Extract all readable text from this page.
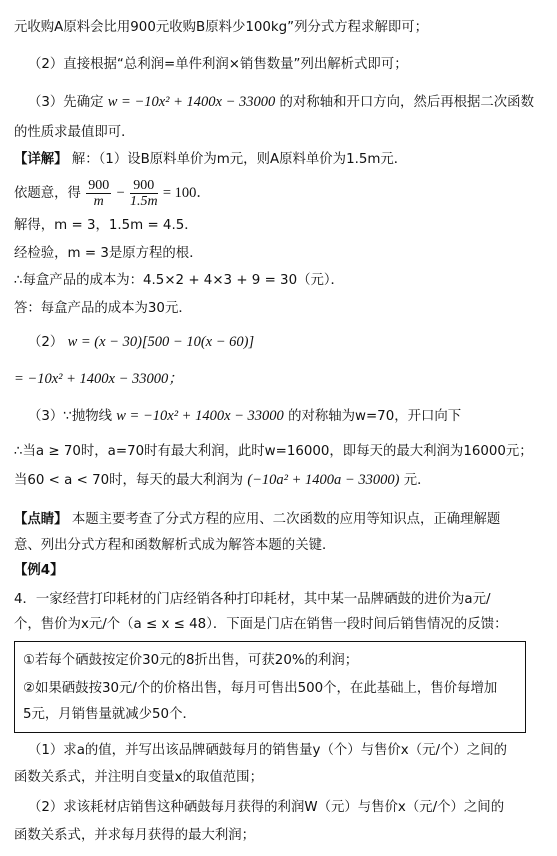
元收购A原料会比用900元收购B原料少100kg”列分式方程求解即可；
（2）直接根据“总利润=单件利润×销售数量”列出解析式即可；
（3）先确定 w = −10x² + 1400x − 33000 的对称轴和开口方向，然后再根据二次函数
的性质求最值即可．
【详解】 解：（1）设B原料单价为m元，则A原料单价为1.5m元．
依题意，得 $\frac{900}{m} - \frac{900}{1.5m} = 100$．
解得，m = 3，1.5m = 4.5．
经检验，m = 3是原方程的根．
∴每盒产品的成本为：4.5×2 + 4×3 + 9 = 30（元）．
答：每盒产品的成本为30元．
（2） w = (x − 30)[500 − 10(x − 60)]
= −10x² + 1400x − 33000；
（3）∵抛物线 w = −10x² + 1400x − 33000 的对称轴为w=70，开口向下
∴当a ≥ 70时，a=70时有最大利润，此时w=16000，即每天的最大利润为16000元；
当60 < a < 70时，每天的最大利润为 (−10a² + 1400a − 33000) 元．
【点睛】 本题主要考查了分式方程的应用、二次函数的应用等知识点，正确理解题
意、列出分式方程和函数解析式成为解答本题的关键．
【例4】
4．一家经营打印耗材的门店经销各种打印耗材，其中某一品牌硒鼓的进价为a元/
个，售价为x元/个（a ≤ x ≤ 48）．下面是门店在销售一段时间后销售情况的反馈：
①若每个硒鼓按定价30元的8折出售，可获20%的利润；
②如果硒鼓按30元/个的价格出售，每月可售出500个，在此基础上，售价每增加
5元，月销售量就减少50个．
（1）求a的值，并写出该品牌硒鼓每月的销售量y（个）与售价x（元/个）之间的
函数关系式，并注明自变量x的取值范围；
（2）求该耗材店销售这种硒鼓每月获得的利润W（元）与售价x（元/个）之间的
函数关系式，并求每月获得的最大利润；
